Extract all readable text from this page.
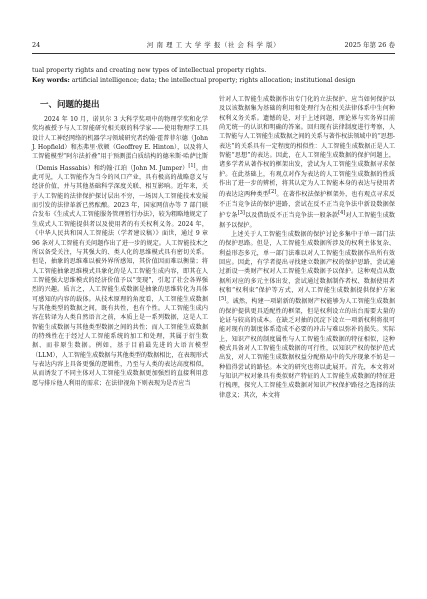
24	河 南 理 工 大 学 学 报（社 会 科 学 版）	2025 年第 26 卷
tual property rights and creating new types of intellectual property rights.
Key words: artificial intelligence; data; the intellectual property; rights allocation; institutional design
一、问题的提出

2024 年 10 月，诺贝尔 3 大科学奖项中的物理学奖和化学奖均被授予与人工智能研究相关联的科学家——使用物理学工具设计人工神经网络的机器学习领域研究者约翰·霍普菲尔德（John J. Hopfield）和杰弗里·欣顿（Geoffrey E. Hinton），以及将人工智能模型“阿尔法折叠”用于预测蛋白质结构的德米斯·哈萨比斯（Demis Hassabis）和约翰·江珀（John M. Jumper）[1]。由此可见，人工智能作为当今的风口产业，具有极高的战略意义与经济价值，并与其他基础科学深度关联、相互影响。近年来，关于人工智能的法律保护探讨层出不穷，一场因人工智能技术发展而引发的法律革新已然酝酿。2023 年，国家网信办等 7 部门联合发布《生成式人工智能服务管理暂行办法》，较为粗略地规定了生成式人工智能提供者以及使用者的有关权利义务。2024 年，《中华人民共和国人工智能法（学者建议稿）》面世，通过 9 章 96 条对人工智能有关问题作出了进一步的规定。人工智能技术之所以备受关注，与其强大的、类人化的思维模式具有密切关系。但是，抽象的思维难以被外界所感知，其价值因而难以衡量；将人工智能抽象思维模式具象化的是人工智能生成内容，即其在人工智能强大思维模式的经济价值予以“变现”，引起了社会各界强烈的兴趣。质言之，人工智能生成数据是抽象的思维转化为具体可感知的内容的载体。从技术原理的角度看，人工智能生成数据与其他类型的数据之间，既有共性，也有个性。人工智能生成内容在转译为人类自然语言之前，本质上是一系列数据，这是人工智能生成数据与其他类型数据之间的共性；而人工智能生成数据的特殊性在于经过人工智能系统的加工和处理，其属于衍生数据、而非原生数据。例如，基于目前最先进的大语言模型（LLM），人工智能生成数据与其他类型的数据相比，在表现形式与表达内容上具备更强的逻辑性，乃至与人类的表达高度相似，从而诱发了不同主体对人工智能生成数据更加强烈的直接利用意愿与排斥他人利用的需求；在法律视角下则表现为是否应当

针对人工智能生成数据作出专门化的立法保护、应当如何保护以及以该数据集为基础的利用和处理行为在相关法律体系中生何种权利义务关系。遗憾的是，对于上述问题，理论界与实务界目前尚无统一的认识和明确的答案。回归现有法律制度进行考察，人工智能与人工智能生成数据之间的关系与著作权法领域中的“思想-表达”的关系具有一定程度的相似性：人工智能生成数据正是人工智能“思想”的表达。因此，在人工智能生成数据的保护问题上，诸多学者从著作权的框架出发，尝试为人工智能生成数据寻求保护。在此基础上，有观点对作为表达的人工智能生成数据的性质作出了进一步的辨析，将其认定为人工智能本身的表达与使用者的表达这两种类型[2]。在著作权法保护框架外，也有观点寻求反不正当竞争法的保护进路，尝试在反不正当竞争法中新设数据保护专条[3]以及借助反不正当竞争法一般条款[4]对人工智能生成数据予以保护。

上述关于人工智能生成数据的保护讨论多集中于单一部门法的保护思路。但是，人工智能生成数据所涉及的权利主体复杂、利益形态多元，单一部门法难以对人工智能生成数据作出所有效回应。因此，有学者提出寻找建立数据产权的保护思路，尝试通过新设一类财产权对人工智能生成数据予以保护。这种观点从数据所对应的多元主体出发，尝试通过数据制作者权、数据使用者权和“权利束”保护等方式，对人工智能生成数据提供保护方案[5]。诚然，构建一项崭新的数据财产权能够为人工智能生成数据的保护提供更具适配性的框架，但是权利设立的出台需要大量的论证与较高的成本。在缺乏对抽的沉淀下设立一项新权利将很可能对现有的制度体系造成不必要的冲击与难以弥补的损失。实际上，知识产权的制度属性与人工智能生成数据的特征相似，这种模式具备对人工智能生成数据的可行性，以知识产权的保护范式出发，对人工智能生成数据权益分配格局中的失序现象不妨是一种值得尝试的路径。本文的研究也将以此展开。首先，本文将对与知识产权对象具有类似财产特征的人工智能生成数据的特征进行梳理，探究人工智能生成数据对知识产权保护路径之选择的法律意义；其次，本文将
